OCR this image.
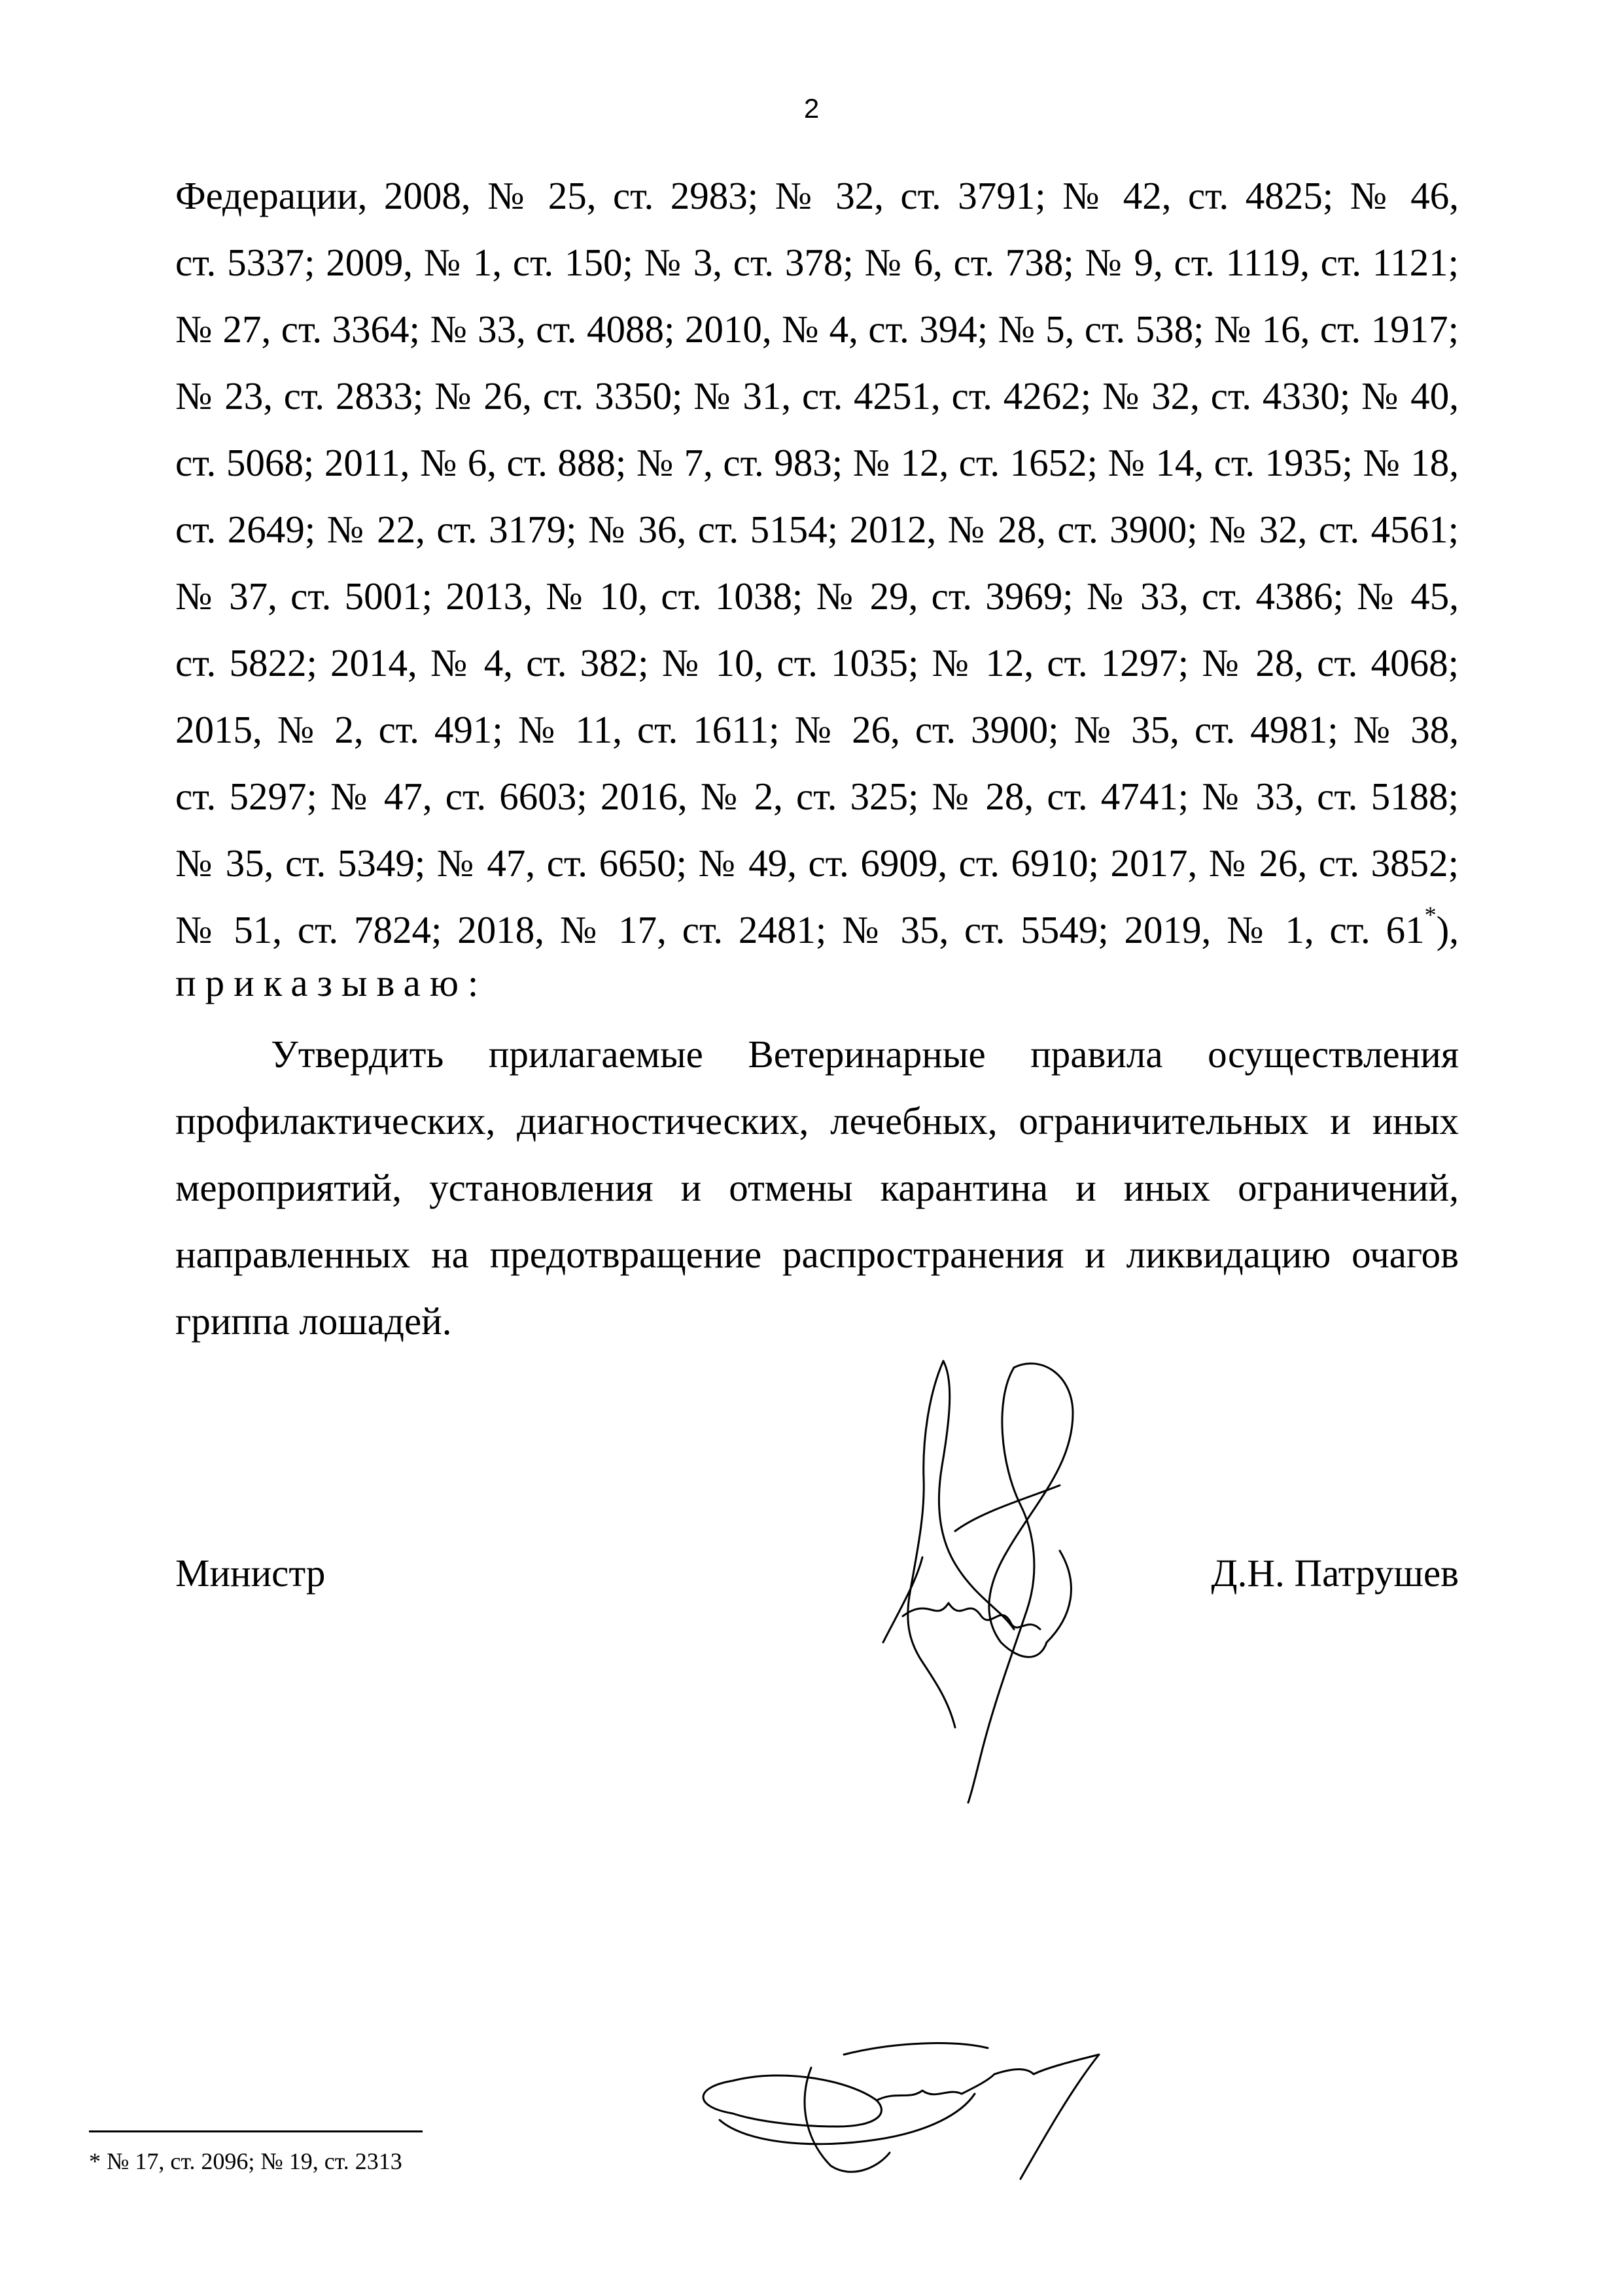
2
Федерации, 2008, № 25, ст. 2983; № 32, ст. 3791; № 42, ст. 4825; № 46,
ст. 5337; 2009, № 1, ст. 150; № 3, ст. 378; № 6, ст. 738; № 9, ст. 1119, ст. 1121;
№ 27, ст. 3364; № 33, ст. 4088; 2010, № 4, ст. 394; № 5, ст. 538; № 16, ст. 1917;
№ 23, ст. 2833; № 26, ст. 3350; № 31, ст. 4251, ст. 4262; № 32, ст. 4330; № 40,
ст. 5068; 2011, № 6, ст. 888; № 7, ст. 983; № 12, ст. 1652; № 14, ст. 1935; № 18,
ст. 2649; № 22, ст. 3179; № 36, ст. 5154; 2012, № 28, ст. 3900; № 32, ст. 4561;
№ 37, ст. 5001; 2013, № 10, ст. 1038; № 29, ст. 3969; № 33, ст. 4386; № 45,
ст. 5822; 2014, № 4, ст. 382; № 10, ст. 1035; № 12, ст. 1297; № 28, ст. 4068;
2015, № 2, ст. 491; № 11, ст. 1611; № 26, ст. 3900; № 35, ст. 4981; № 38,
ст. 5297; № 47, ст. 6603; 2016, № 2, ст. 325; № 28, ст. 4741; № 33, ст. 5188;
№ 35, ст. 5349; № 47, ст. 6650; № 49, ст. 6909, ст. 6910; 2017, № 26, ст. 3852;
№ 51, ст. 7824; 2018, № 17, ст. 2481; № 35, ст. 5549; 2019, № 1, ст. 61*),
приказываю:
Утвердить прилагаемые Ветеринарные правила осуществления
профилактических, диагностических, лечебных, ограничительных и иных
мероприятий, установления и отмены карантина и иных ограничений,
направленных на предотвращение распространения и ликвидацию очагов
гриппа лошадей.
Министр	Д.Н. Патрушев
* № 17, ст. 2096; № 19, ст. 2313
